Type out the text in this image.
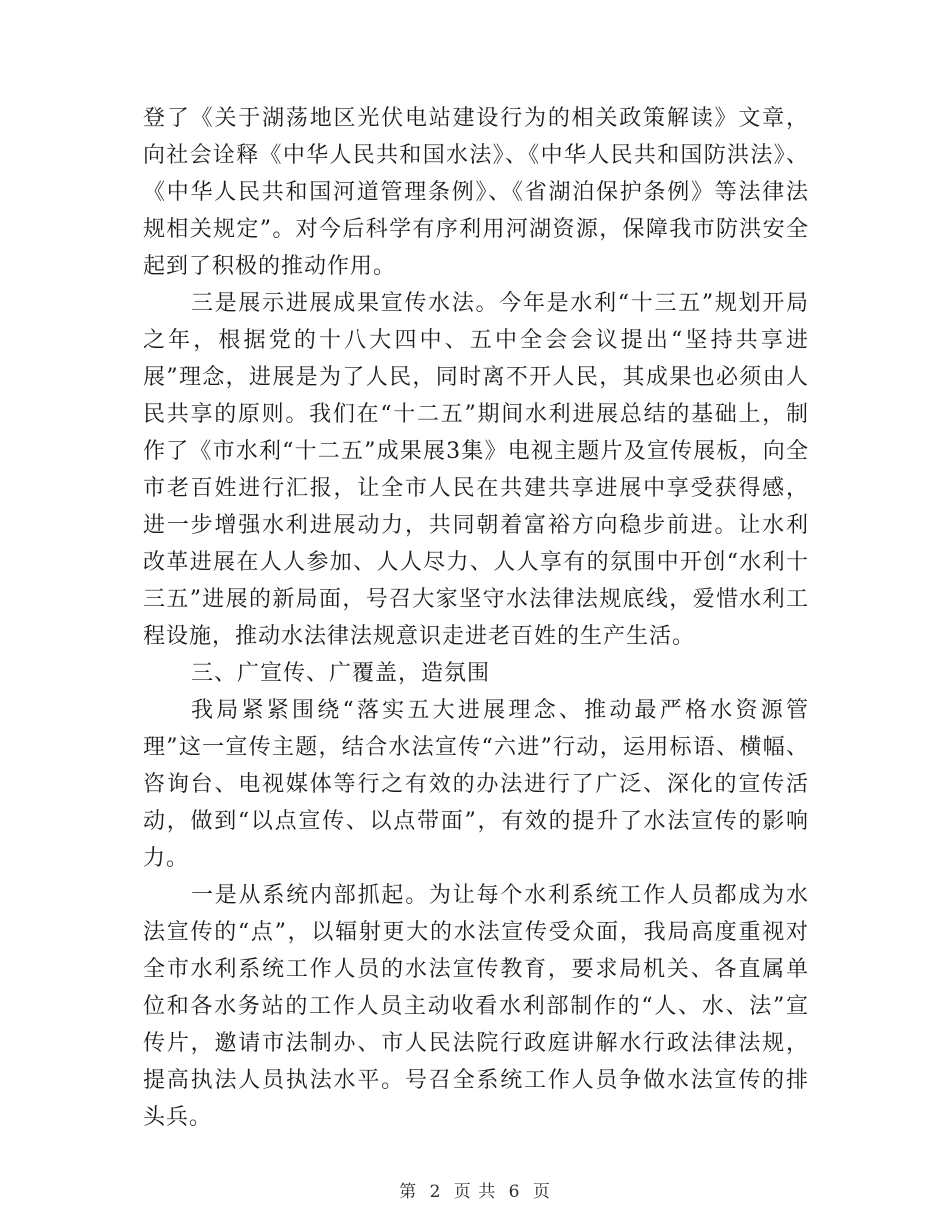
登了《关于湖荡地区光伏电站建设行为的相关政策解读》文章，向社会诠释《中华人民共和国水法》、《中华人民共和国防洪法》、《中华人民共和国河道管理条例》、《省湖泊保护条例》等法律法规相关规定”。对今后科学有序利用河湖资源，保障我市防洪安全起到了积极的推动作用。

三是展示进展成果宣传水法。今年是水利“十三五”规划开局之年，根据党的十八大四中、五中全会会议提出“坚持共享进展”理念，进展是为了人民，同时离不开人民，其成果也必须由人民共享的原则。我们在“十二五”期间水利进展总结的基础上，制作了《市水利“十二五”成果展3集》电视主题片及宣传展板，向全市老百姓进行汇报，让全市人民在共建共享进展中享受获得感，进一步增强水利进展动力，共同朝着富裕方向稳步前进。让水利改革进展在人人参加、人人尽力、人人享有的氛围中开创“水利十三五”进展的新局面，号召大家坚守水法律法规底线，爱惜水利工程设施，推动水法律法规意识走进老百姓的生产生活。

三、广宣传、广覆盖，造氛围

我局紧紧围绕“落实五大进展理念、推动最严格水资源管理”这一宣传主题，结合水法宣传“六进”行动，运用标语、横幅、咨询台、电视媒体等行之有效的办法进行了广泛、深化的宣传活动，做到“以点宣传、以点带面”，有效的提升了水法宣传的影响力。

一是从系统内部抓起。为让每个水利系统工作人员都成为水法宣传的“点”，以辐射更大的水法宣传受众面，我局高度重视对全市水利系统工作人员的水法宣传教育，要求局机关、各直属单位和各水务站的工作人员主动收看水利部制作的“人、水、法”宣传片，邀请市法制办、市人民法院行政庭讲解水行政法律法规，提高执法人员执法水平。号召全系统工作人员争做水法宣传的排头兵。

第 2 页 共 6 页
